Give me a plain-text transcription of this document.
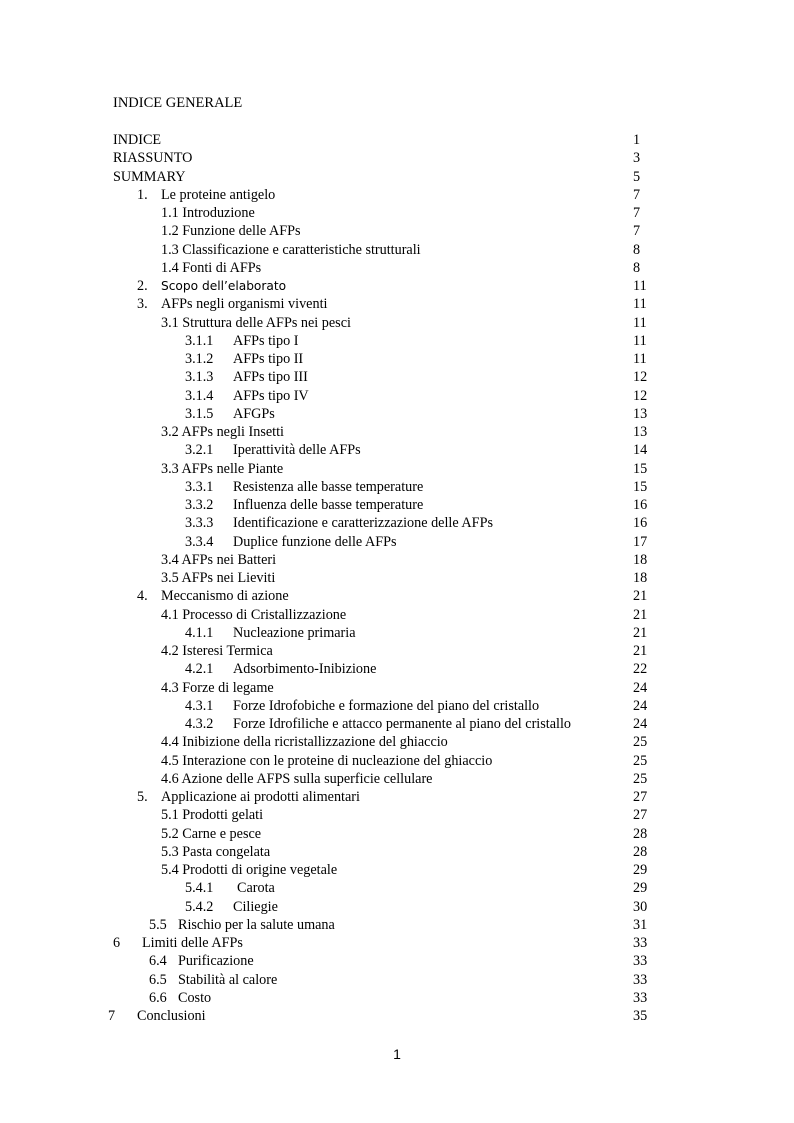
INDICE GENERALE
INDICE	1
RIASSUNTO	3
SUMMARY	5
1. Le proteine antigelo	7
1.1 Introduzione	7
1.2 Funzione delle AFPs	7
1.3 Classificazione e caratteristiche strutturali	8
1.4 Fonti di AFPs	8
2. Scopo dell’elaborato	11
3. AFPs negli organismi viventi	11
3.1 Struttura delle AFPs nei pesci	11
3.1.1 AFPs tipo I	11
3.1.2 AFPs tipo II	11
3.1.3 AFPs tipo III	12
3.1.4 AFPs tipo IV	12
3.1.5 AFGPs	13
3.2 AFPs negli Insetti	13
3.2.1 Iperattività delle AFPs	14
3.3 AFPs nelle Piante	15
3.3.1 Resistenza alle basse temperature	15
3.3.2 Influenza delle basse temperature	16
3.3.3 Identificazione e caratterizzazione delle AFPs	16
3.3.4 Duplice funzione delle AFPs	17
3.4 AFPs nei Batteri	18
3.5 AFPs nei Lieviti	18
4. Meccanismo di azione	21
4.1 Processo di Cristallizzazione	21
4.1.1 Nucleazione primaria	21
4.2 Isteresi Termica	21
4.2.1 Adsorbimento-Inibizione	22
4.3 Forze di legame	24
4.3.1 Forze Idrofobiche e formazione del piano del cristallo	24
4.3.2 Forze Idrofiliche e attacco permanente al piano del cristallo	24
4.4 Inibizione della ricristallizzazione del ghiaccio	25
4.5 Interazione con le proteine di nucleazione del ghiaccio	25
4.6 Azione delle AFPS sulla superficie cellulare	25
5. Applicazione ai prodotti alimentari	27
5.1 Prodotti gelati	27
5.2 Carne e pesce	28
5.3 Pasta congelata	28
5.4 Prodotti di origine vegetale	29
5.4.1 Carota	29
5.4.2 Ciliegie	30
5.5 Rischio per la salute umana	31
6 Limiti delle AFPs	33
6.4 Purificazione	33
6.5 Stabilità al calore	33
6.6 Costo	33
7 Conclusioni	35
1
